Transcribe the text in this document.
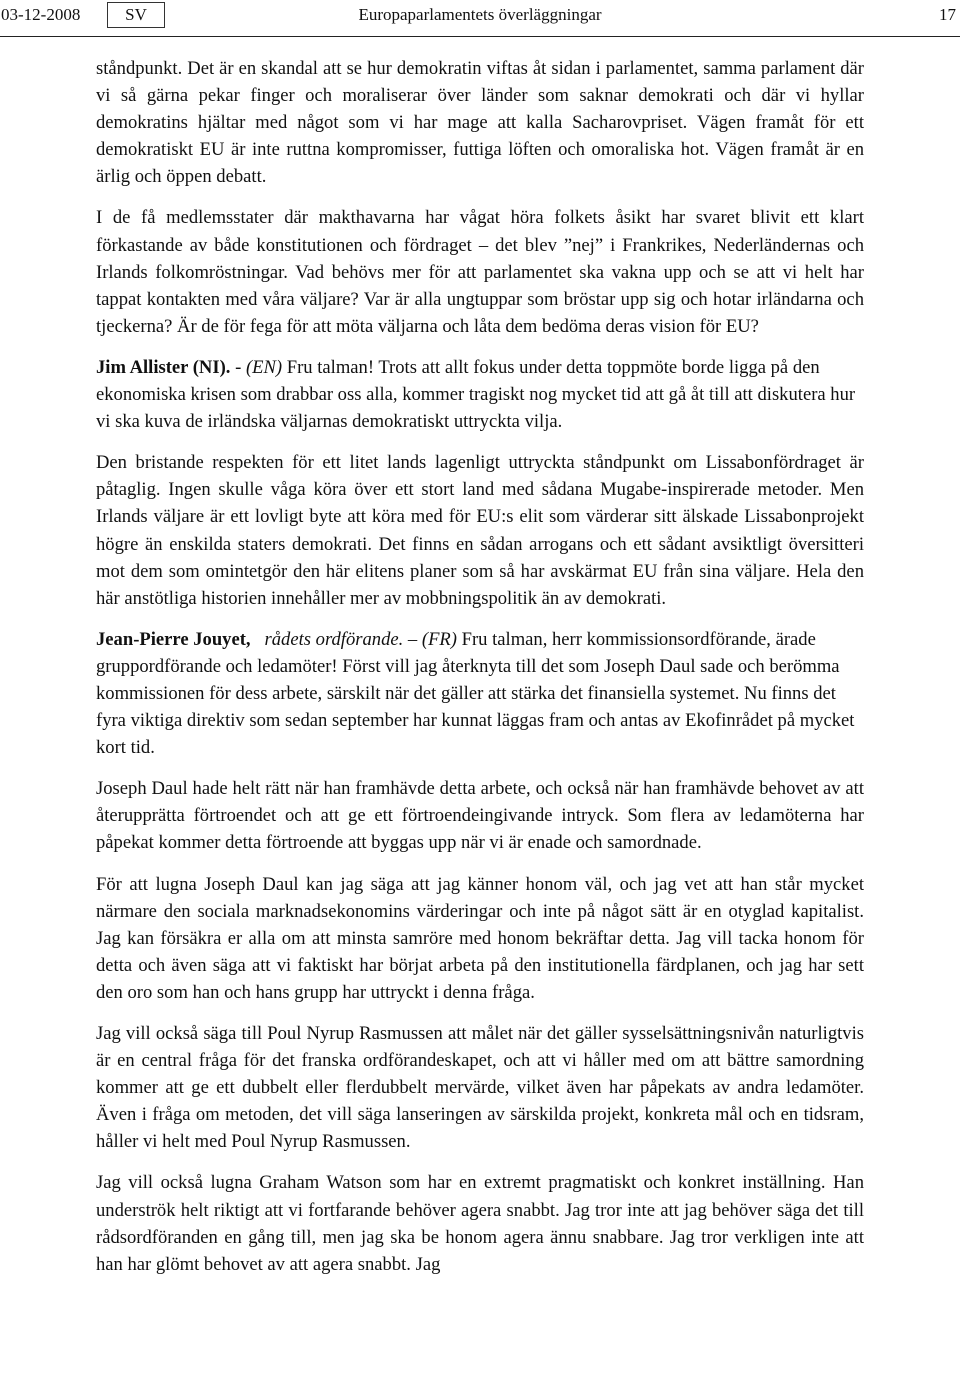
03-12-2008	SV	Europaparlamentets överläggningar	17

ståndpunkt. Det är en skandal att se hur demokratin viftas åt sidan i parlamentet, samma parlament där vi så gärna pekar finger och moraliserar över länder som saknar demokrati och där vi hyllar demokratins hjältar med något som vi har mage att kalla Sacharovpriset. Vägen framåt för ett demokratiskt EU är inte ruttna kompromisser, futtiga löften och omoraliska hot. Vägen framåt är en ärlig och öppen debatt.

I de få medlemsstater där makthavarna har vågat höra folkets åsikt har svaret blivit ett klart förkastande av både konstitutionen och fördraget – det blev ”nej” i Frankrikes, Nederländernas och Irlands folkomröstningar. Vad behövs mer för att parlamentet ska vakna upp och se att vi helt har tappat kontakten med våra väljare? Var är alla ungtuppar som bröstar upp sig och hotar irländarna och tjeckerna? Är de för fega för att möta väljarna och låta dem bedöma deras vision för EU?

Jim Allister (NI). - (EN) Fru talman! Trots att allt fokus under detta toppmöte borde ligga på den ekonomiska krisen som drabbar oss alla, kommer tragiskt nog mycket tid att gå åt till att diskutera hur vi ska kuva de irländska väljarnas demokratiskt uttryckta vilja.

Den bristande respekten för ett litet lands lagenligt uttryckta ståndpunkt om Lissabonfördraget är påtaglig. Ingen skulle våga köra över ett stort land med sådana Mugabe-inspirerade metoder. Men Irlands väljare är ett lovligt byte att köra med för EU:s elit som värderar sitt älskade Lissabonprojekt högre än enskilda staters demokrati. Det finns en sådan arrogans och ett sådant avsiktligt översitteri mot dem som omintetgör den här elitens planer som så har avskärmat EU från sina väljare. Hela den här anstötliga historien innehåller mer av mobbningspolitik än av demokrati.

Jean-Pierre Jouyet, rådets ordförande. – (FR) Fru talman, herr kommissionsordförande, ärade gruppordförande och ledamöter! Först vill jag återknyta till det som Joseph Daul sade och berömma kommissionen för dess arbete, särskilt när det gäller att stärka det finansiella systemet. Nu finns det fyra viktiga direktiv som sedan september har kunnat läggas fram och antas av Ekofinrådet på mycket kort tid.

Joseph Daul hade helt rätt när han framhävde detta arbete, och också när han framhävde behovet av att återupprätta förtroendet och att ge ett förtroendeingivande intryck. Som flera av ledamöterna har påpekat kommer detta förtroende att byggas upp när vi är enade och samordnade.

För att lugna Joseph Daul kan jag säga att jag känner honom väl, och jag vet att han står mycket närmare den sociala marknadsekonomins värderingar och inte på något sätt är en otyglad kapitalist. Jag kan försäkra er alla om att minsta samröre med honom bekräftar detta. Jag vill tacka honom för detta och även säga att vi faktiskt har börjat arbeta på den institutionella färdplanen, och jag har sett den oro som han och hans grupp har uttryckt i denna fråga.

Jag vill också säga till Poul Nyrup Rasmussen att målet när det gäller sysselsättningsnivån naturligtvis är en central fråga för det franska ordförandeskapet, och att vi håller med om att bättre samordning kommer att ge ett dubbelt eller flerdubbelt mervärde, vilket även har påpekats av andra ledamöter. Även i fråga om metoden, det vill säga lanseringen av särskilda projekt, konkreta mål och en tidsram, håller vi helt med Poul Nyrup Rasmussen.

Jag vill också lugna Graham Watson som har en extremt pragmatiskt och konkret inställning. Han underströk helt riktigt att vi fortfarande behöver agera snabbt. Jag tror inte att jag behöver säga det till rådsordföranden en gång till, men jag ska be honom agera ännu snabbare. Jag tror verkligen inte att han har glömt behovet av att agera snabbt. Jag
